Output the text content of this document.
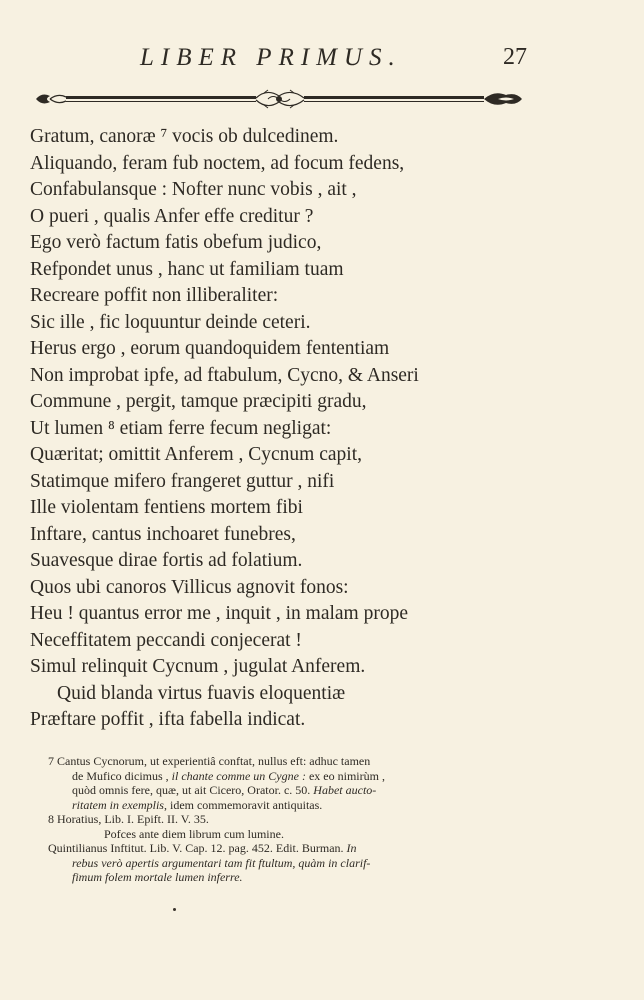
LIBER PRIMUS.	27
Gratum, canoræ ⁷ vocis ob dulcedinem.
Aliquando, feram fub noctem, ad focum fedens,
Confabulansque : Nofter nunc vobis , ait ,
O pueri , qualis Anfer effe creditur ?
Ego verò factum fatis obefum judico,
Refpondet unus , hanc ut familiam tuam
Recreare poffit non illiberaliter:
Sic ille , fic loquuntur deinde ceteri.
Herus ergo , eorum quandoquidem fententiam
Non improbat ipfe, ad ftabulum, Cycno, & Anseri
Commune , pergit, tamque præcipiti gradu,
Ut lumen ⁸ etiam ferre fecum negligat:
Quæritat; omittit Anferem , Cycnum capit,
Statimque mifero frangeret guttur , nifi
Ille violentam fentiens mortem fibi
Inftare, cantus inchoaret funebres,
Suavesque dirae fortis ad folatium.
Quos ubi canoros Villicus agnovit fonos:
Heu ! quantus error me , inquit , in malam prope
Neceffitatem peccandi conjecerat !
Simul relinquit Cycnum , jugulat Anferem.
Quid blanda virtus fuavis eloquentiæ
Præftare poffit , ifta fabella indicat.
7 Cantus Cycnorum, ut experientiâ conftat, nullus eft: adhuc tamen
de Mufico dicimus , il chante comme un Cygne : ex eo nimirùm ,
quòd omnis fere, quæ, ut ait Cicero, Orator. c. 50. Habet aucto-
ritatem in exemplis, idem commemoravit antiquitas.
8 Horatius, Lib. I. Epift. II. V. 35.
Pofces ante diem librum cum lumine.
Quintilianus Inftitut. Lib. V. Cap. 12. pag. 452. Edit. Burman. In
rebus verò apertis argumentari tam fit ftultum, quàm in clarif-
fimum folem mortale lumen inferre.
